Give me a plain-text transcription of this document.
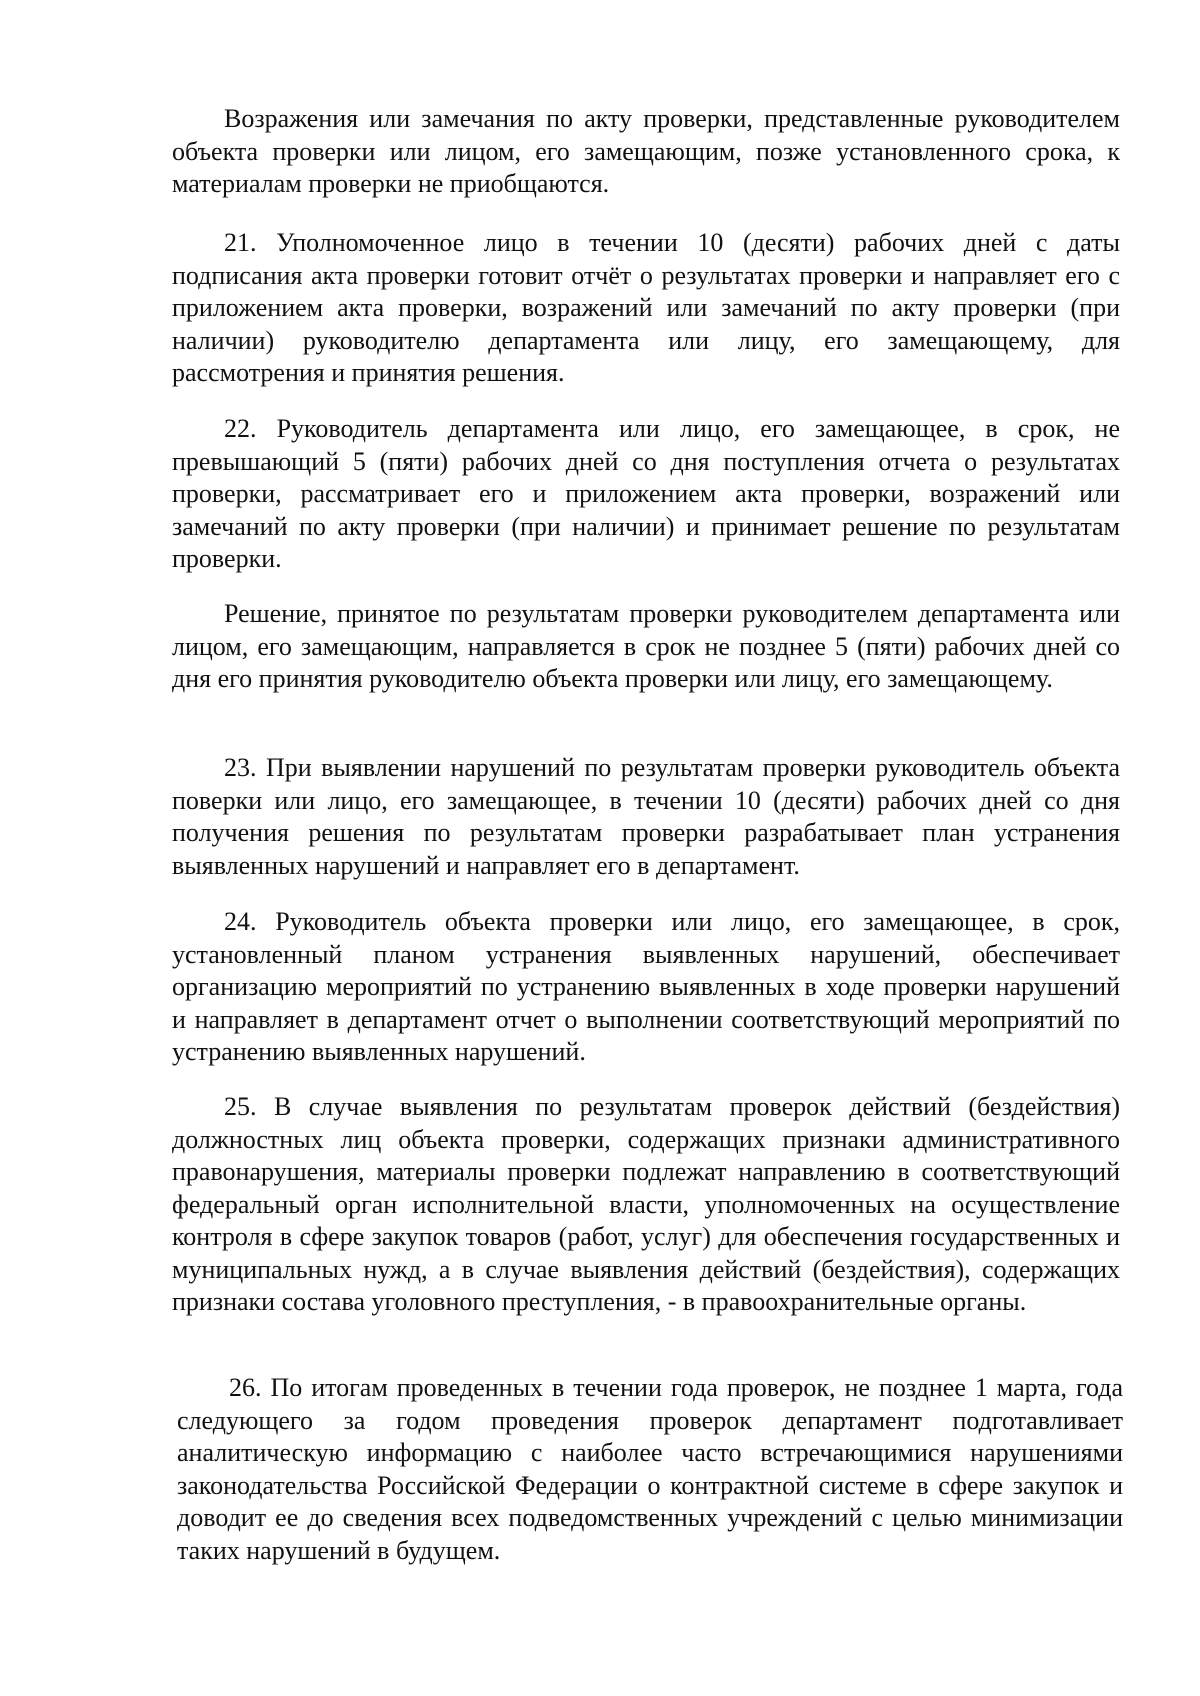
Возражения или замечания по акту проверки, представленные руководителем объекта проверки или лицом, его замещающим, позже установленного срока, к материалам проверки не приобщаются.

21. Уполномоченное лицо в течении 10 (десяти) рабочих дней с даты подписания акта проверки готовит отчёт о результатах проверки и направляет его с приложением акта проверки, возражений или замечаний по акту проверки (при наличии) руководителю департамента или лицу, его замещающему, для рассмотрения и принятия решения.

22. Руководитель департамента или лицо, его замещающее, в срок, не превышающий 5 (пяти) рабочих дней со дня поступления отчета о результатах проверки, рассматривает его и приложением акта проверки, возражений или замечаний по акту проверки (при наличии) и принимает решение по результатам проверки.

Решение, принятое по результатам проверки руководителем департамента или лицом, его замещающим, направляется в срок не позднее 5 (пяти) рабочих дней со дня его принятия руководителю объекта проверки или лицу, его замещающему.

23. При выявлении нарушений по результатам проверки руководитель объекта поверки или лицо, его замещающее, в течении 10 (десяти) рабочих дней со дня получения решения по результатам проверки разрабатывает план устранения выявленных нарушений и направляет его в департамент.

24. Руководитель объекта проверки или лицо, его замещающее, в срок, установленный планом устранения выявленных нарушений, обеспечивает организацию мероприятий по устранению выявленных в ходе проверки нарушений и направляет в департамент отчет о выполнении соответствующий мероприятий по устранению выявленных нарушений.

25. В случае выявления по результатам проверок действий (бездействия) должностных лиц объекта проверки, содержащих признаки административного правонарушения, материалы проверки подлежат направлению в соответствующий федеральный орган исполнительной власти, уполномоченных на осуществление контроля в сфере закупок товаров (работ, услуг) для обеспечения государственных и муниципальных нужд, а в случае выявления действий (бездействия), содержащих признаки состава уголовного преступления, - в правоохранительные органы.

26. По итогам проведенных в течении года проверок, не позднее 1 марта, года следующего за годом проведения проверок департамент подготавливает аналитическую информацию с наиболее часто встречающимися нарушениями законодательства Российской Федерации о контрактной системе в сфере закупок и доводит ее до сведения всех подведомственных учреждений с целью минимизации таких нарушений в будущем.
